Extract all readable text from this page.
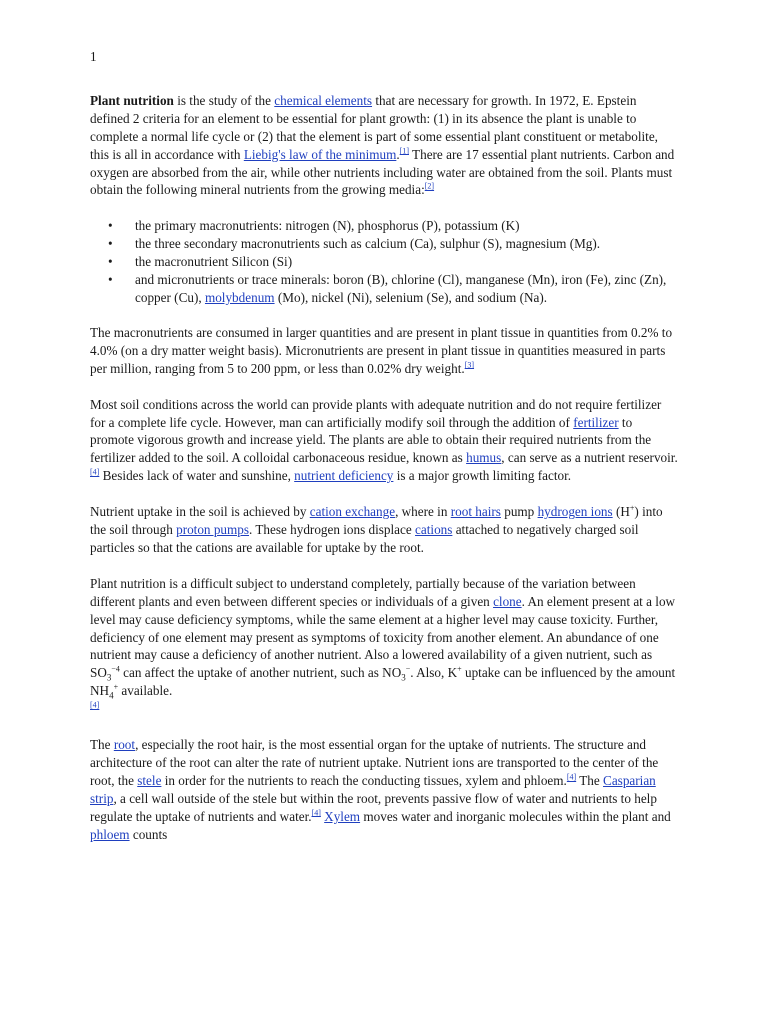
1

Plant nutrition is the study of the chemical elements that are necessary for growth. In 1972, E. Epstein defined 2 criteria for an element to be essential for plant growth: (1) in its absence the plant is unable to complete a normal life cycle or (2) that the element is part of some essential plant constituent or metabolite, this is all in accordance with Liebig's law of the minimum.[1] There are 17 essential plant nutrients. Carbon and oxygen are absorbed from the air, while other nutrients including water are obtained from the soil. Plants must obtain the following mineral nutrients from the growing media:[2]

• the primary macronutrients: nitrogen (N), phosphorus (P), potassium (K)
• the three secondary macronutrients such as calcium (Ca), sulphur (S), magnesium (Mg).
• the macronutrient Silicon (Si)
• and micronutrients or trace minerals: boron (B), chlorine (Cl), manganese (Mn), iron (Fe), zinc (Zn), copper (Cu), molybdenum (Mo), nickel (Ni), selenium (Se), and sodium (Na).

The macronutrients are consumed in larger quantities and are present in plant tissue in quantities from 0.2% to 4.0% (on a dry matter weight basis). Micronutrients are present in plant tissue in quantities measured in parts per million, ranging from 5 to 200 ppm, or less than 0.02% dry weight.[3]

Most soil conditions across the world can provide plants with adequate nutrition and do not require fertilizer for a complete life cycle. However, man can artificially modify soil through the addition of fertilizer to promote vigorous growth and increase yield. The plants are able to obtain their required nutrients from the fertilizer added to the soil. A colloidal carbonaceous residue, known as humus, can serve as a nutrient reservoir.[4] Besides lack of water and sunshine, nutrient deficiency is a major growth limiting factor.

Nutrient uptake in the soil is achieved by cation exchange, where in root hairs pump hydrogen ions (H+) into the soil through proton pumps. These hydrogen ions displace cations attached to negatively charged soil particles so that the cations are available for uptake by the root.

Plant nutrition is a difficult subject to understand completely, partially because of the variation between different plants and even between different species or individuals of a given clone. An element present at a low level may cause deficiency symptoms, while the same element at a higher level may cause toxicity. Further, deficiency of one element may present as symptoms of toxicity from another element. An abundance of one nutrient may cause a deficiency of another nutrient. Also a lowered availability of a given nutrient, such as $SO_3^{-4}$ can affect the uptake of another nutrient, such as $NO_3^-$. Also, K+ uptake can be influenced by the amount $NH_4^+$ available.
[4]

The root, especially the root hair, is the most essential organ for the uptake of nutrients. The structure and architecture of the root can alter the rate of nutrient uptake. Nutrient ions are transported to the center of the root, the stele in order for the nutrients to reach the conducting tissues, xylem and phloem.[4] The Casparian strip, a cell wall outside of the stele but within the root, prevents passive flow of water and nutrients to help regulate the uptake of nutrients and water.[4] Xylem moves water and inorganic molecules within the plant and phloem counts
